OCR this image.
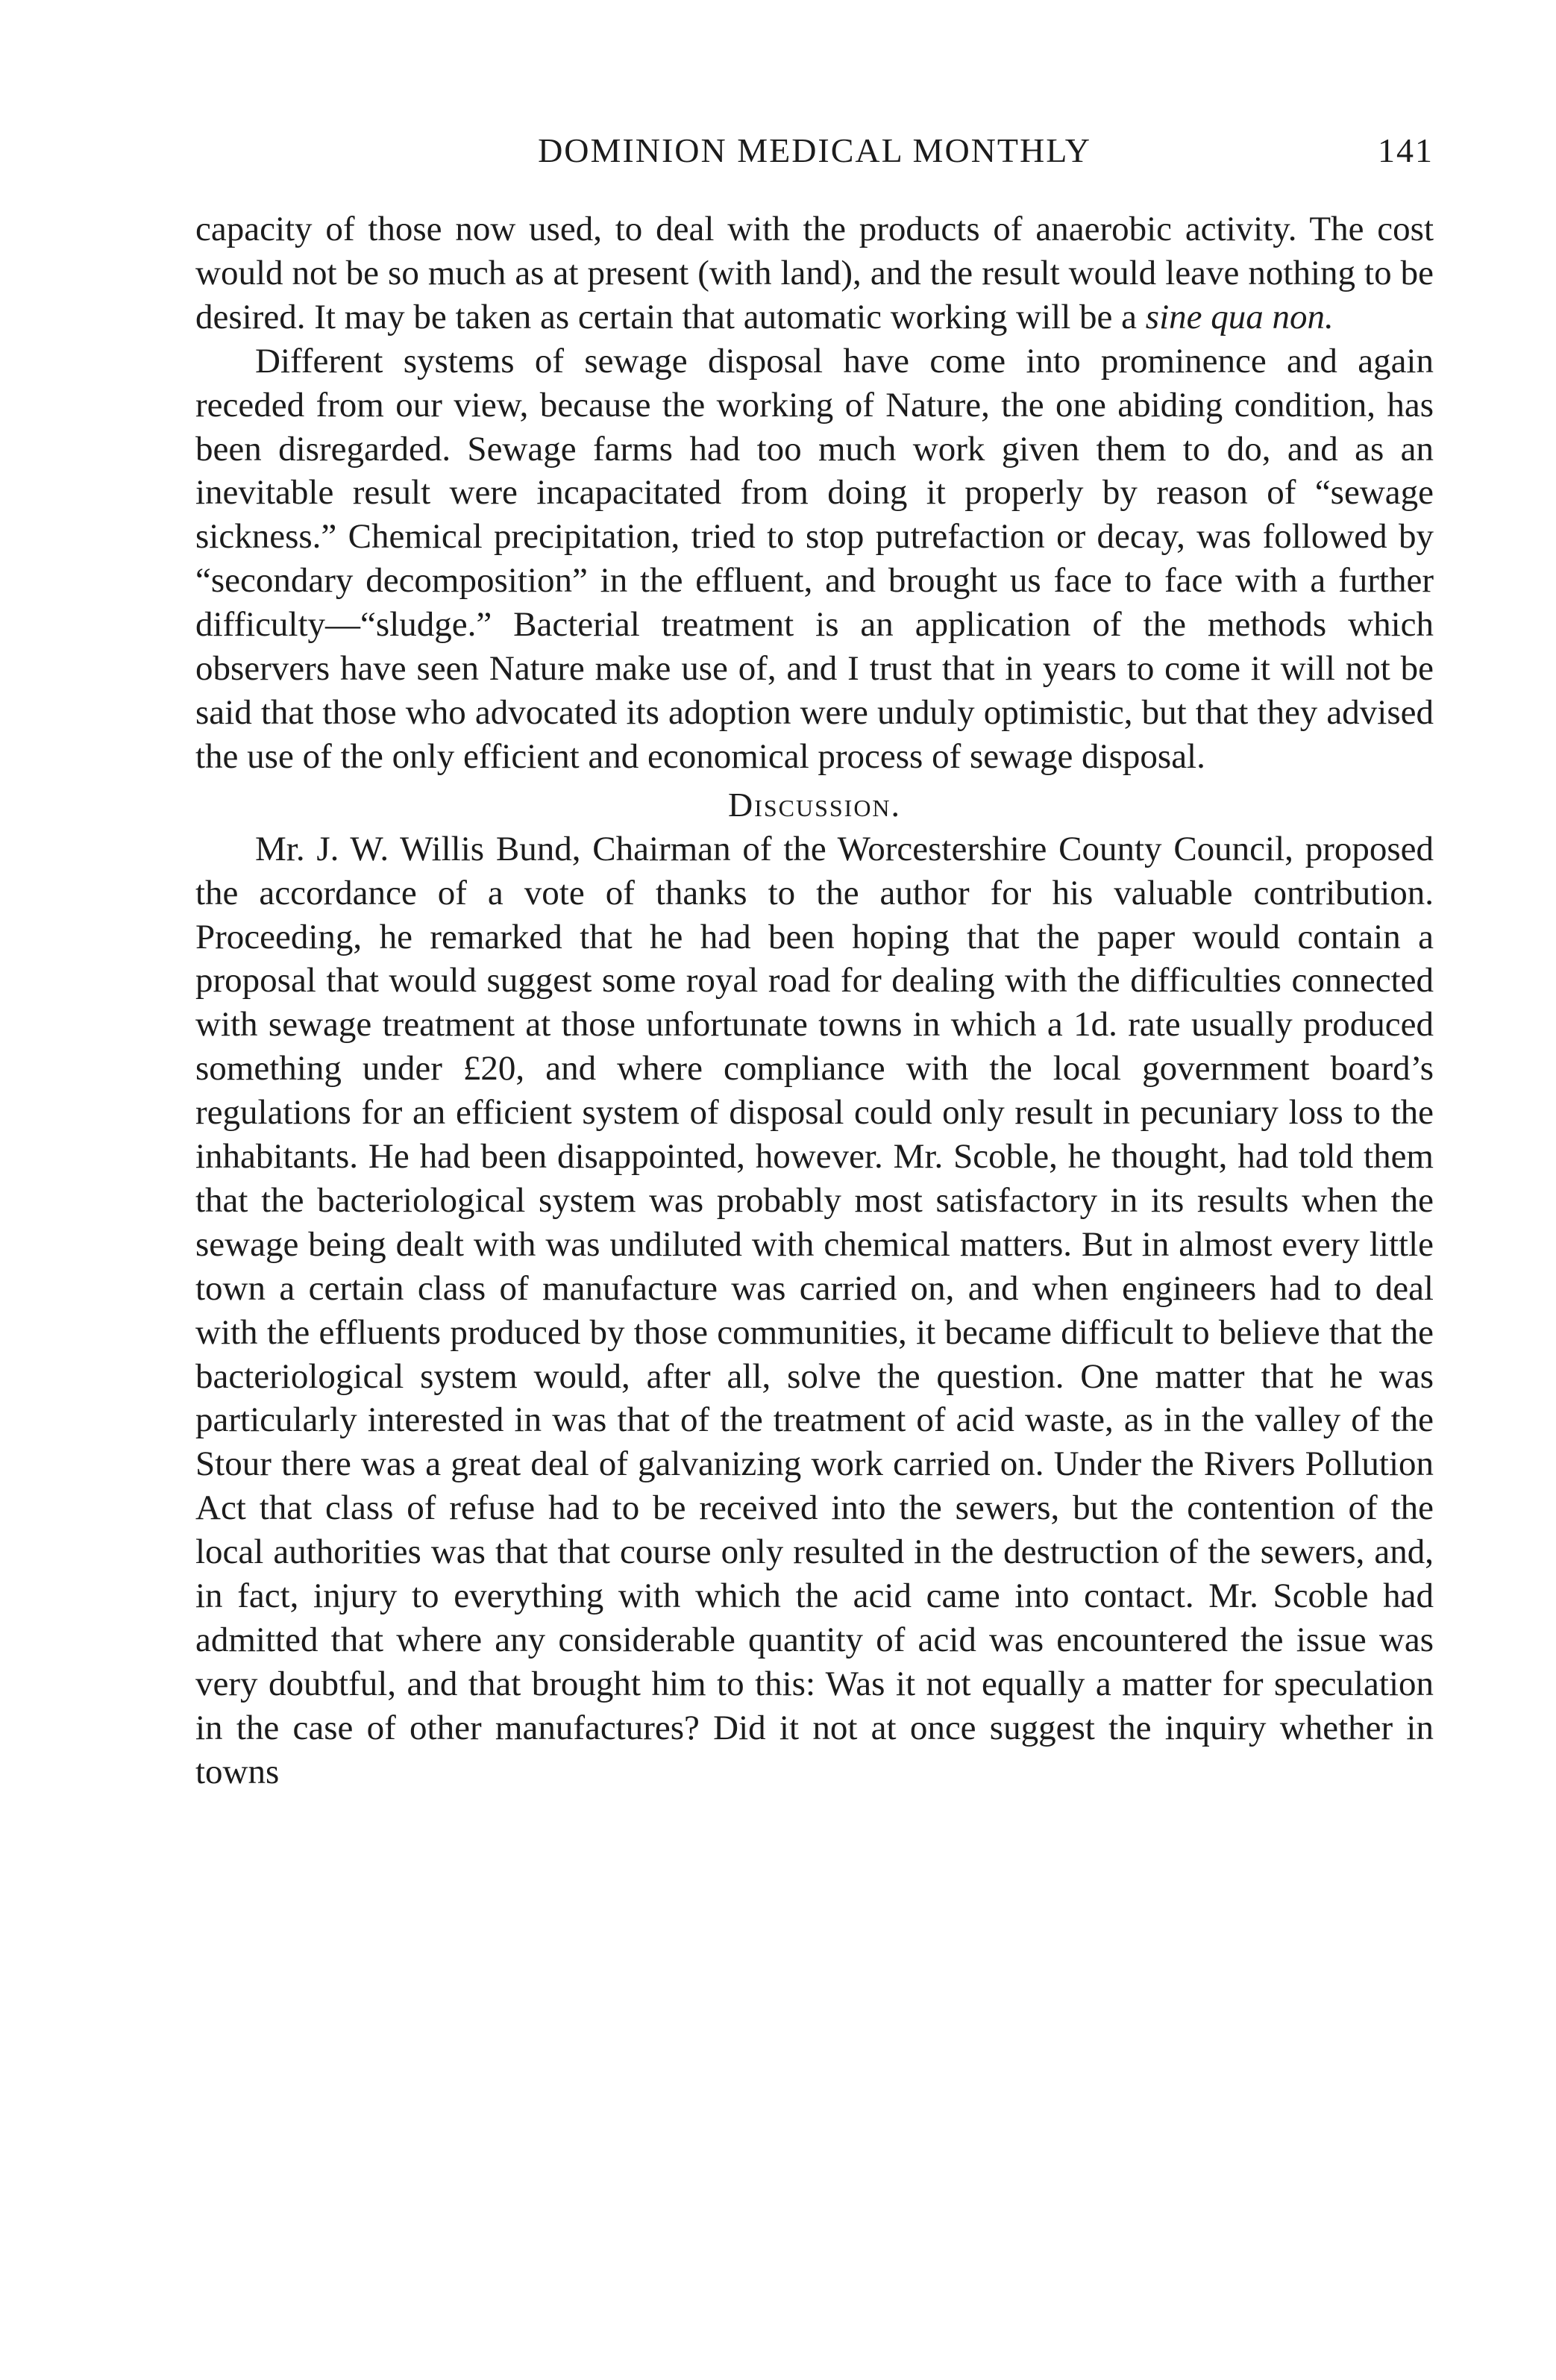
DOMINION MEDICAL MONTHLY	141

capacity of those now used, to deal with the products of anaerobic activity. The cost would not be so much as at present (with land), and the result would leave nothing to be desired. It may be taken as certain that automatic working will be a sine qua non.

Different systems of sewage disposal have come into prominence and again receded from our view, because the working of Nature, the one abiding condition, has been disregarded. Sewage farms had too much work given them to do, and as an inevitable result were incapacitated from doing it properly by reason of “sewage sickness.” Chemical precipitation, tried to stop putrefaction or decay, was followed by “secondary decomposition” in the effluent, and brought us face to face with a further difficulty—“sludge.” Bacterial treatment is an application of the methods which observers have seen Nature make use of, and I trust that in years to come it will not be said that those who advocated its adoption were unduly optimistic, but that they advised the use of the only efficient and economical process of sewage disposal.

Discussion.

Mr. J. W. Willis Bund, Chairman of the Worcestershire County Council, proposed the accordance of a vote of thanks to the author for his valuable contribution. Proceeding, he remarked that he had been hoping that the paper would contain a proposal that would suggest some royal road for dealing with the difficulties connected with sewage treatment at those unfortunate towns in which a 1d. rate usually produced something under £20, and where compliance with the local government board’s regulations for an efficient system of disposal could only result in pecuniary loss to the inhabitants. He had been disappointed, however. Mr. Scoble, he thought, had told them that the bacteriological system was probably most satisfactory in its results when the sewage being dealt with was undiluted with chemical matters. But in almost every little town a certain class of manufacture was carried on, and when engineers had to deal with the effluents produced by those communities, it became difficult to believe that the bacteriological system would, after all, solve the question. One matter that he was particularly interested in was that of the treatment of acid waste, as in the valley of the Stour there was a great deal of galvanizing work carried on. Under the Rivers Pollution Act that class of refuse had to be received into the sewers, but the contention of the local authorities was that that course only resulted in the destruction of the sewers, and, in fact, injury to everything with which the acid came into contact. Mr. Scoble had admitted that where any considerable quantity of acid was encountered the issue was very doubtful, and that brought him to this: Was it not equally a matter for speculation in the case of other manufactures? Did it not at once suggest the inquiry whether in towns
